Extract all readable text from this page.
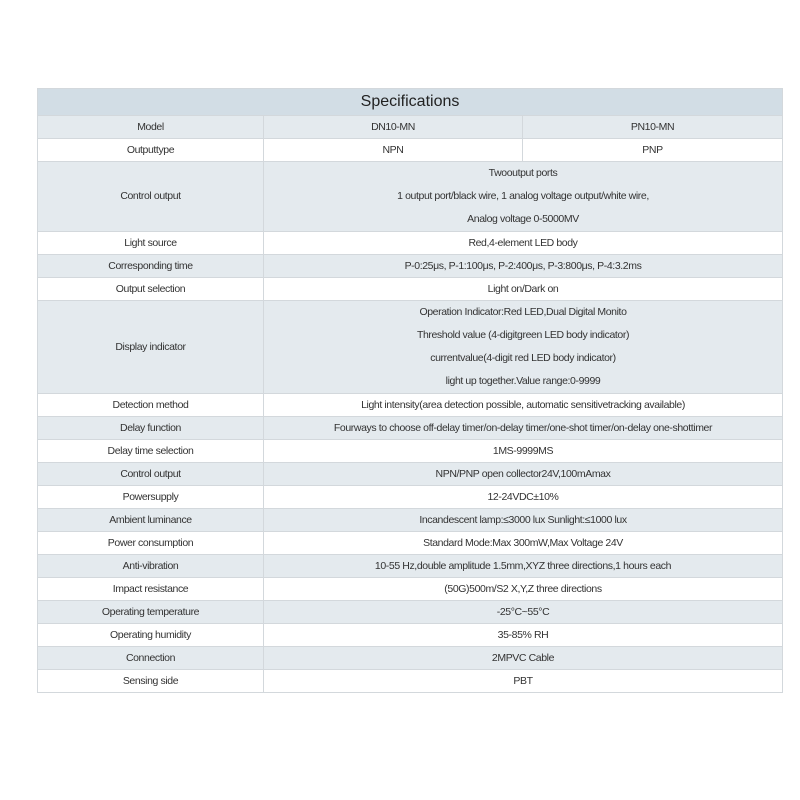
Specifications		
Model	DN10-MN	PN10-MN
Outputtype	NPN	PNP
Control output	Twooutput ports
1 output port/black wire, 1 analog voltage output/white wire,
Analog voltage 0-5000MV	

Light source	Red,4-element LED body	

Corresponding time	P-0:25μs, P-1:100μs, P-2:400μs, P-3:800μs, P-4:3.2ms	

Output selection	Light on/Dark on	

Display indicator	Operation Indicator:Red LED,Dual Digital Monito
Threshold value (4-digitgreen LED body indicator)
currentvalue(4-digit red LED body indicator)
light up together.Value range:0-9999	

Detection method	Light intensity(area detection possible, automatic sensitivetracking available)	

Delay function	Fourways to choose off-delay timer/on-delay timer/one-shot timer/on-delay one-shottimer	

Delay time selection	1MS-9999MS	

Control output	NPN/PNP open collector24V,100mAmax	

Powersupply	12-24VDC±10%	

Ambient luminance	Incandescent lamp:≤3000 lux Sunlight:≤1000 lux	

Power consumption	Standard Mode:Max 300mW,Max Voltage 24V	

Anti-vibration	10-55 Hz,double amplitude 1.5mm,XYZ three directions,1 hours each	

Impact resistance	(50G)500m/S2 X,Y,Z three directions	

Operating temperature	-25°C~55°C	

Operating humidity	35-85% RH	

Connection	2MPVC Cable	

Sensing side	PBT	
